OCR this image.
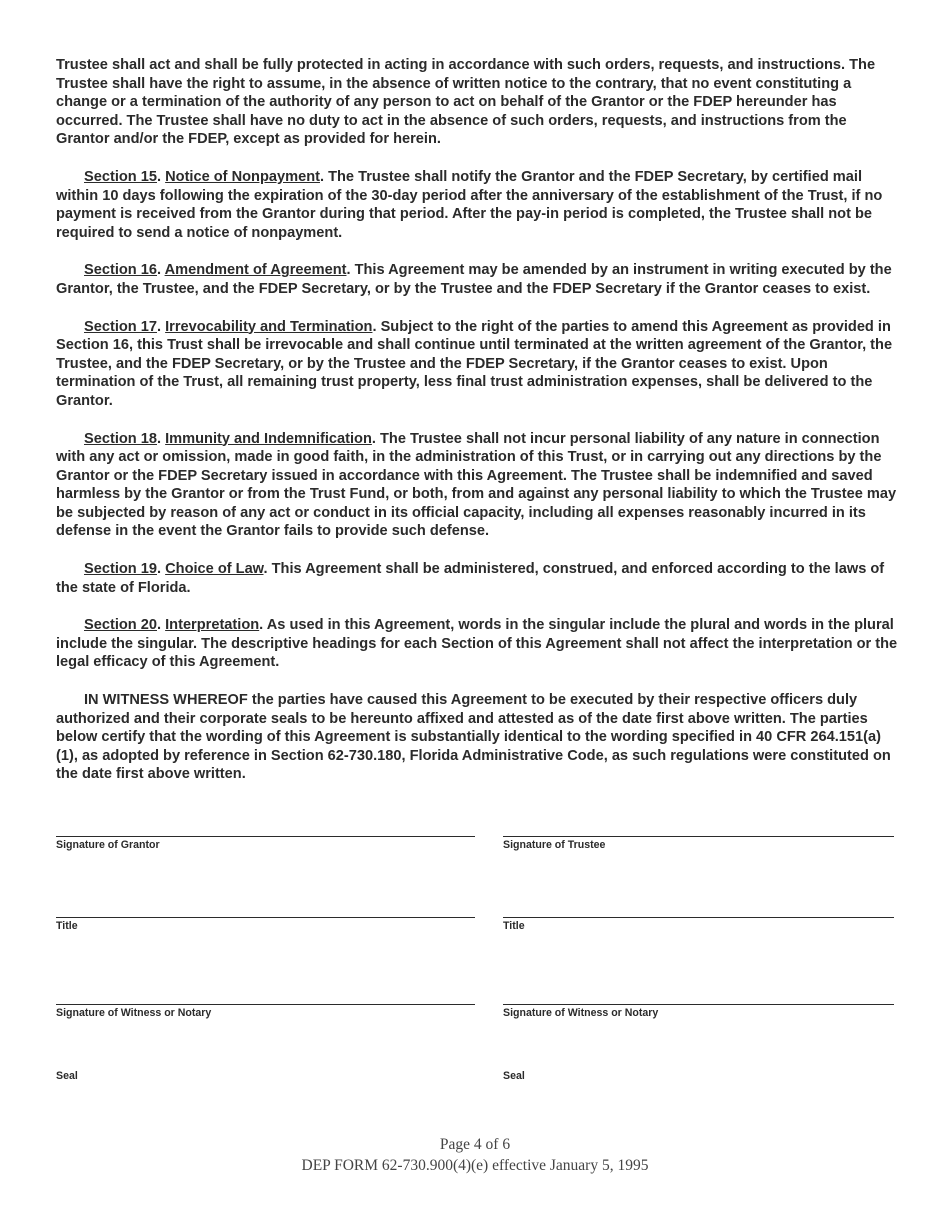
Trustee shall act and shall be fully protected in acting in accordance with such orders, requests, and instructions. The Trustee shall have the right to assume, in the absence of written notice to the contrary, that no event constituting a change or a termination of the authority of any person to act on behalf of the Grantor or the FDEP hereunder has occurred. The Trustee shall have no duty to act in the absence of such orders, requests, and instructions from the Grantor and/or the FDEP, except as provided for herein.

Section 15. Notice of Nonpayment. The Trustee shall notify the Grantor and the FDEP Secretary, by certified mail within 10 days following the expiration of the 30-day period after the anniversary of the establishment of the Trust, if no payment is received from the Grantor during that period. After the pay-in period is completed, the Trustee shall not be required to send a notice of nonpayment.

Section 16. Amendment of Agreement. This Agreement may be amended by an instrument in writing executed by the Grantor, the Trustee, and the FDEP Secretary, or by the Trustee and the FDEP Secretary if the Grantor ceases to exist.

Section 17. Irrevocability and Termination. Subject to the right of the parties to amend this Agreement as provided in Section 16, this Trust shall be irrevocable and shall continue until terminated at the written agreement of the Grantor, the Trustee, and the FDEP Secretary, or by the Trustee and the FDEP Secretary, if the Grantor ceases to exist. Upon termination of the Trust, all remaining trust property, less final trust administration expenses, shall be delivered to the Grantor.

Section 18. Immunity and Indemnification. The Trustee shall not incur personal liability of any nature in connection with any act or omission, made in good faith, in the administration of this Trust, or in carrying out any directions by the Grantor or the FDEP Secretary issued in accordance with this Agreement. The Trustee shall be indemnified and saved harmless by the Grantor or from the Trust Fund, or both, from and against any personal liability to which the Trustee may be subjected by reason of any act or conduct in its official capacity, including all expenses reasonably incurred in its defense in the event the Grantor fails to provide such defense.

Section 19. Choice of Law. This Agreement shall be administered, construed, and enforced according to the laws of the state of Florida.

Section 20. Interpretation. As used in this Agreement, words in the singular include the plural and words in the plural include the singular. The descriptive headings for each Section of this Agreement shall not affect the interpretation or the legal efficacy of this Agreement.

IN WITNESS WHEREOF the parties have caused this Agreement to be executed by their respective officers duly authorized and their corporate seals to be hereunto affixed and attested as of the date first above written. The parties below certify that the wording of this Agreement is substantially identical to the wording specified in 40 CFR 264.151(a)(1), as adopted by reference in Section 62-730.180, Florida Administrative Code, as such regulations were constituted on the date first above written.

Signature of Grantor	Signature of Trustee
Title	Title
Signature of Witness or Notary	Signature of Witness or Notary
Seal	Seal
Page 4 of 6
DEP FORM 62-730.900(4)(e) effective January 5, 1995
